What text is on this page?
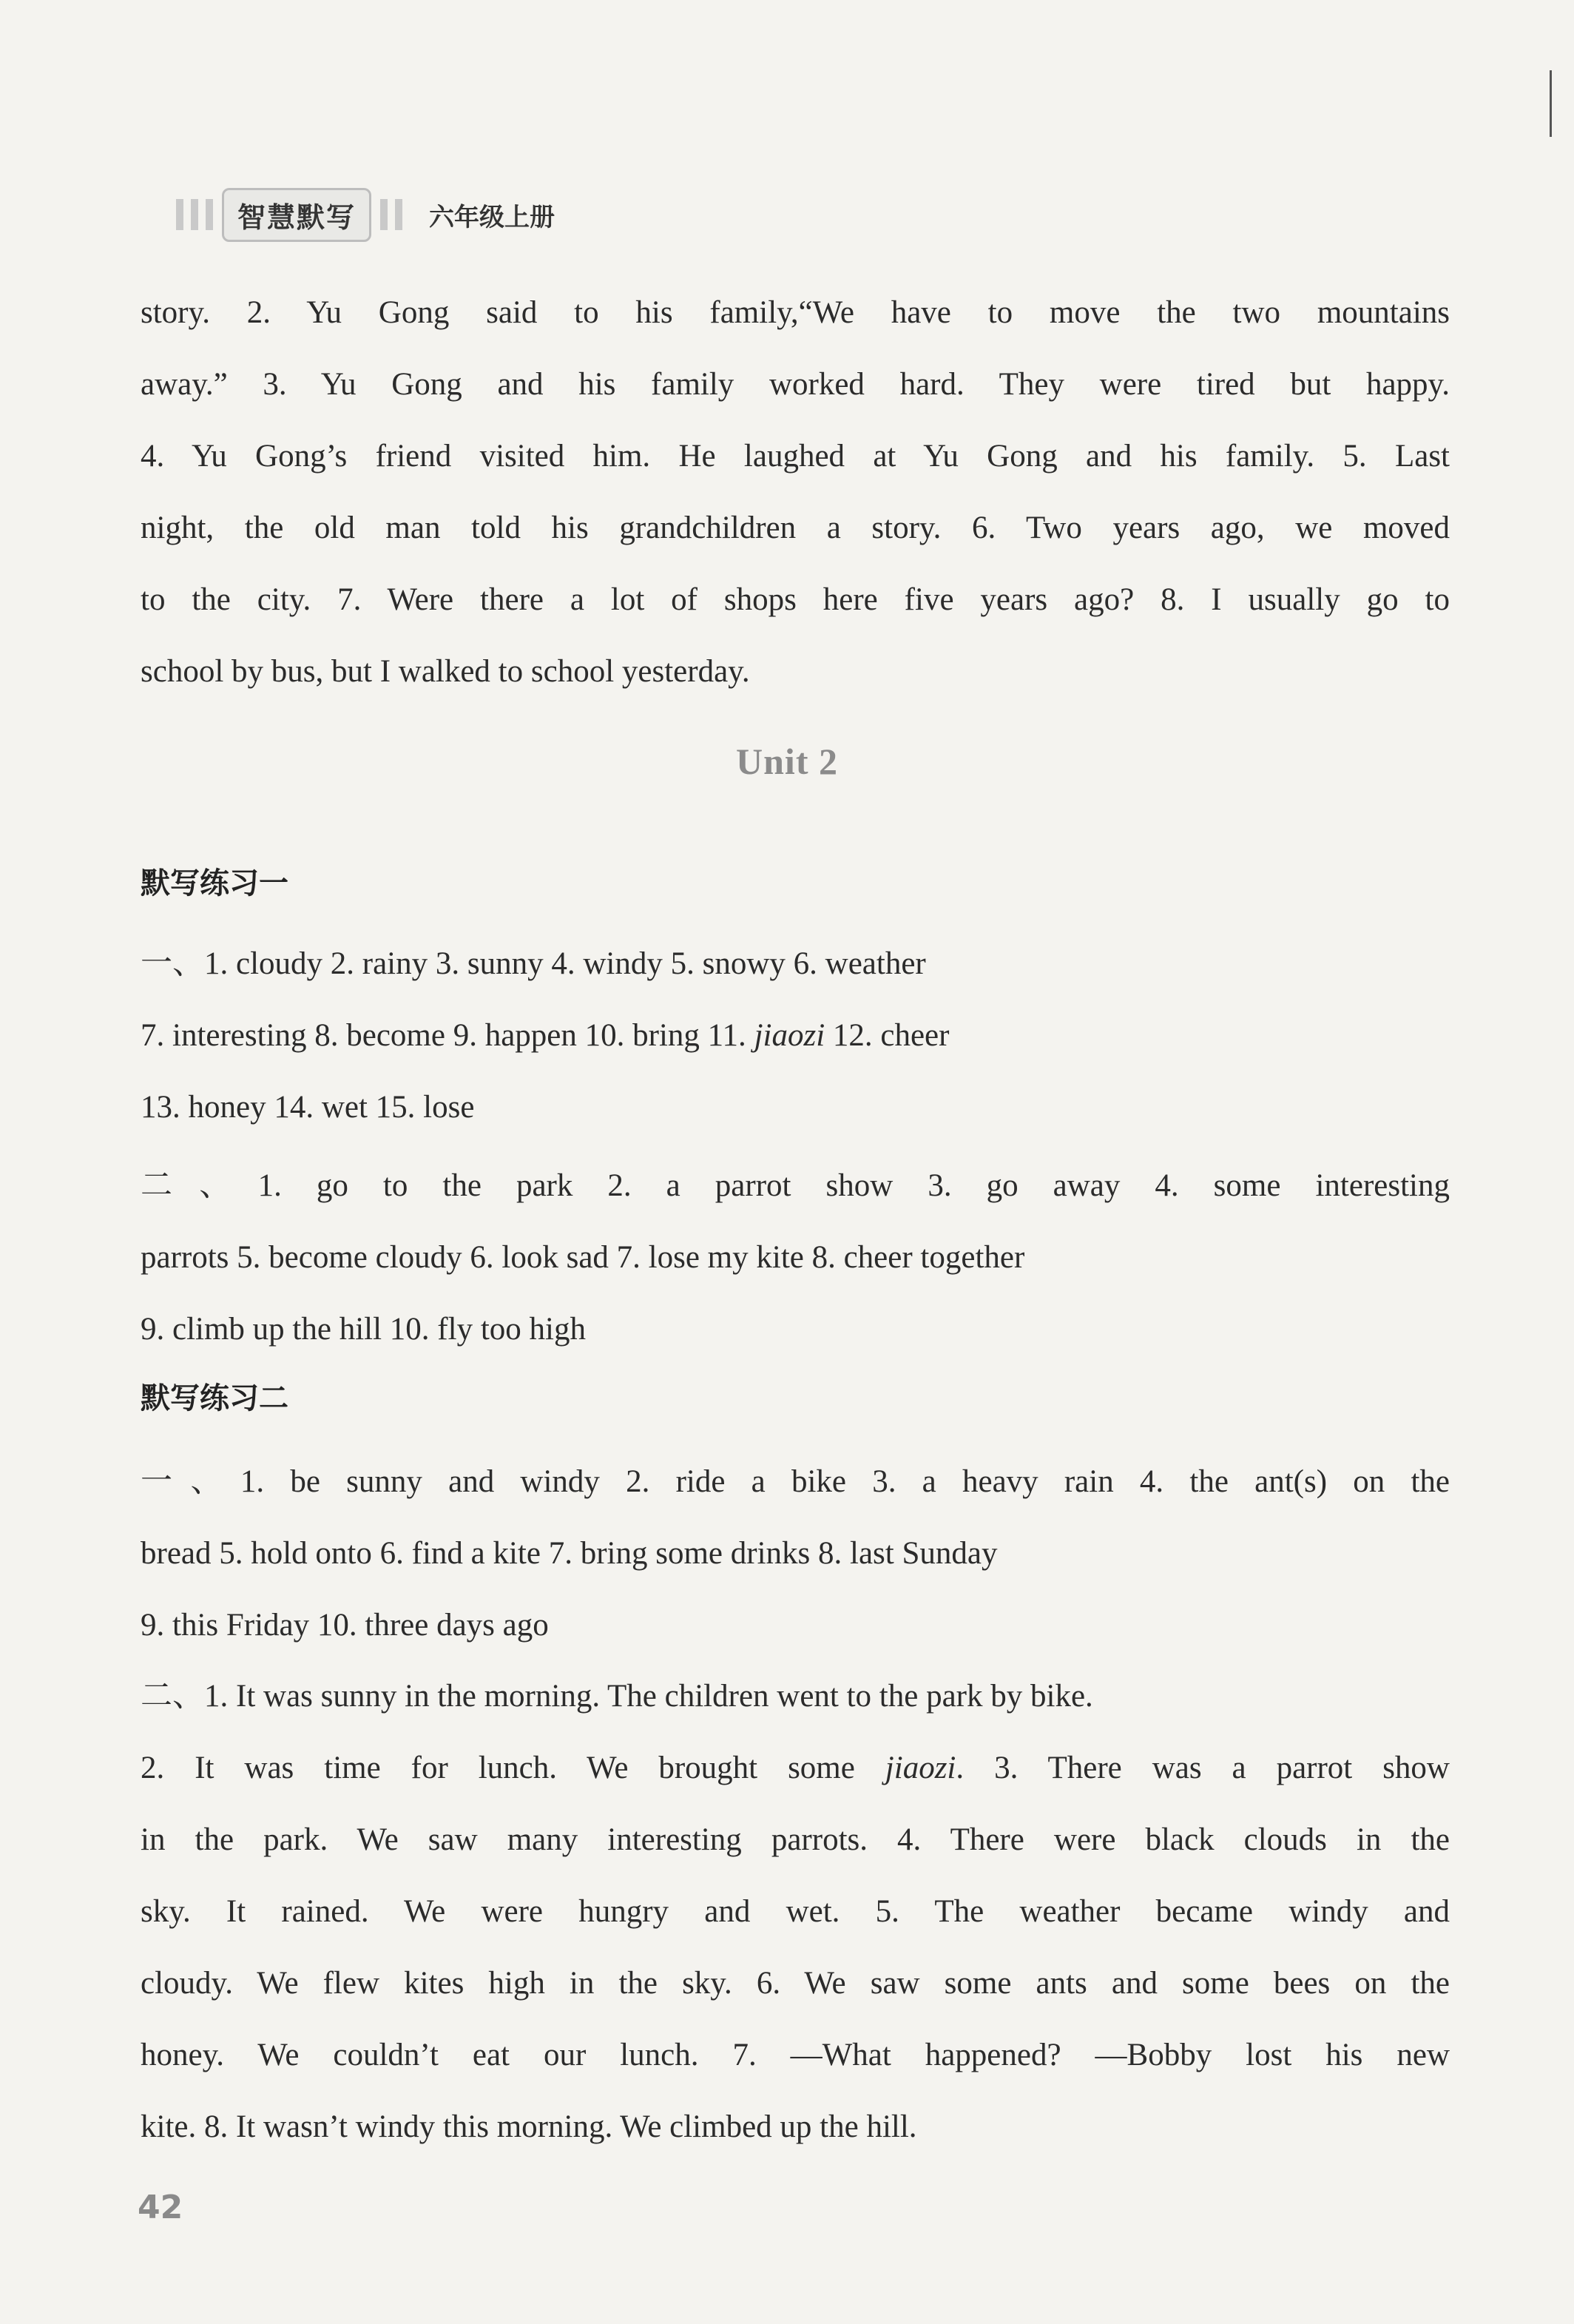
智慧默写	六年级上册
story. 2. Yu Gong said to his family,“We have to move the two mountains
away.” 3. Yu Gong and his family worked hard. They were tired but happy.
4. Yu Gong’s friend visited him. He laughed at Yu Gong and his family. 5. Last
night, the old man told his grandchildren a story. 6. Two years ago, we moved
to the city. 7. Were there a lot of shops here five years ago? 8. I usually go to
school by bus, but I walked to school yesterday.
Unit 2
默写练习一
一、1. cloudy 2. rainy 3. sunny 4. windy 5. snowy 6. weather
7. interesting 8. become 9. happen 10. bring 11. jiaozi 12. cheer
13. honey 14. wet 15. lose
二、1. go to the park 2. a parrot show 3. go away 4. some interesting
parrots 5. become cloudy 6. look sad 7. lose my kite 8. cheer together
9. climb up the hill 10. fly too high
默写练习二
一、1. be sunny and windy 2. ride a bike 3. a heavy rain 4. the ant(s) on the
bread 5. hold onto 6. find a kite 7. bring some drinks 8. last Sunday
9. this Friday 10. three days ago
二、1. It was sunny in the morning. The children went to the park by bike.
2. It was time for lunch. We brought some jiaozi. 3. There was a parrot show
in the park. We saw many interesting parrots. 4. There were black clouds in the
sky. It rained. We were hungry and wet. 5. The weather became windy and
cloudy. We flew kites high in the sky. 6. We saw some ants and some bees on the
honey. We couldn’t eat our lunch. 7. —What happened? —Bobby lost his new
kite. 8. It wasn’t windy this morning. We climbed up the hill.
42
